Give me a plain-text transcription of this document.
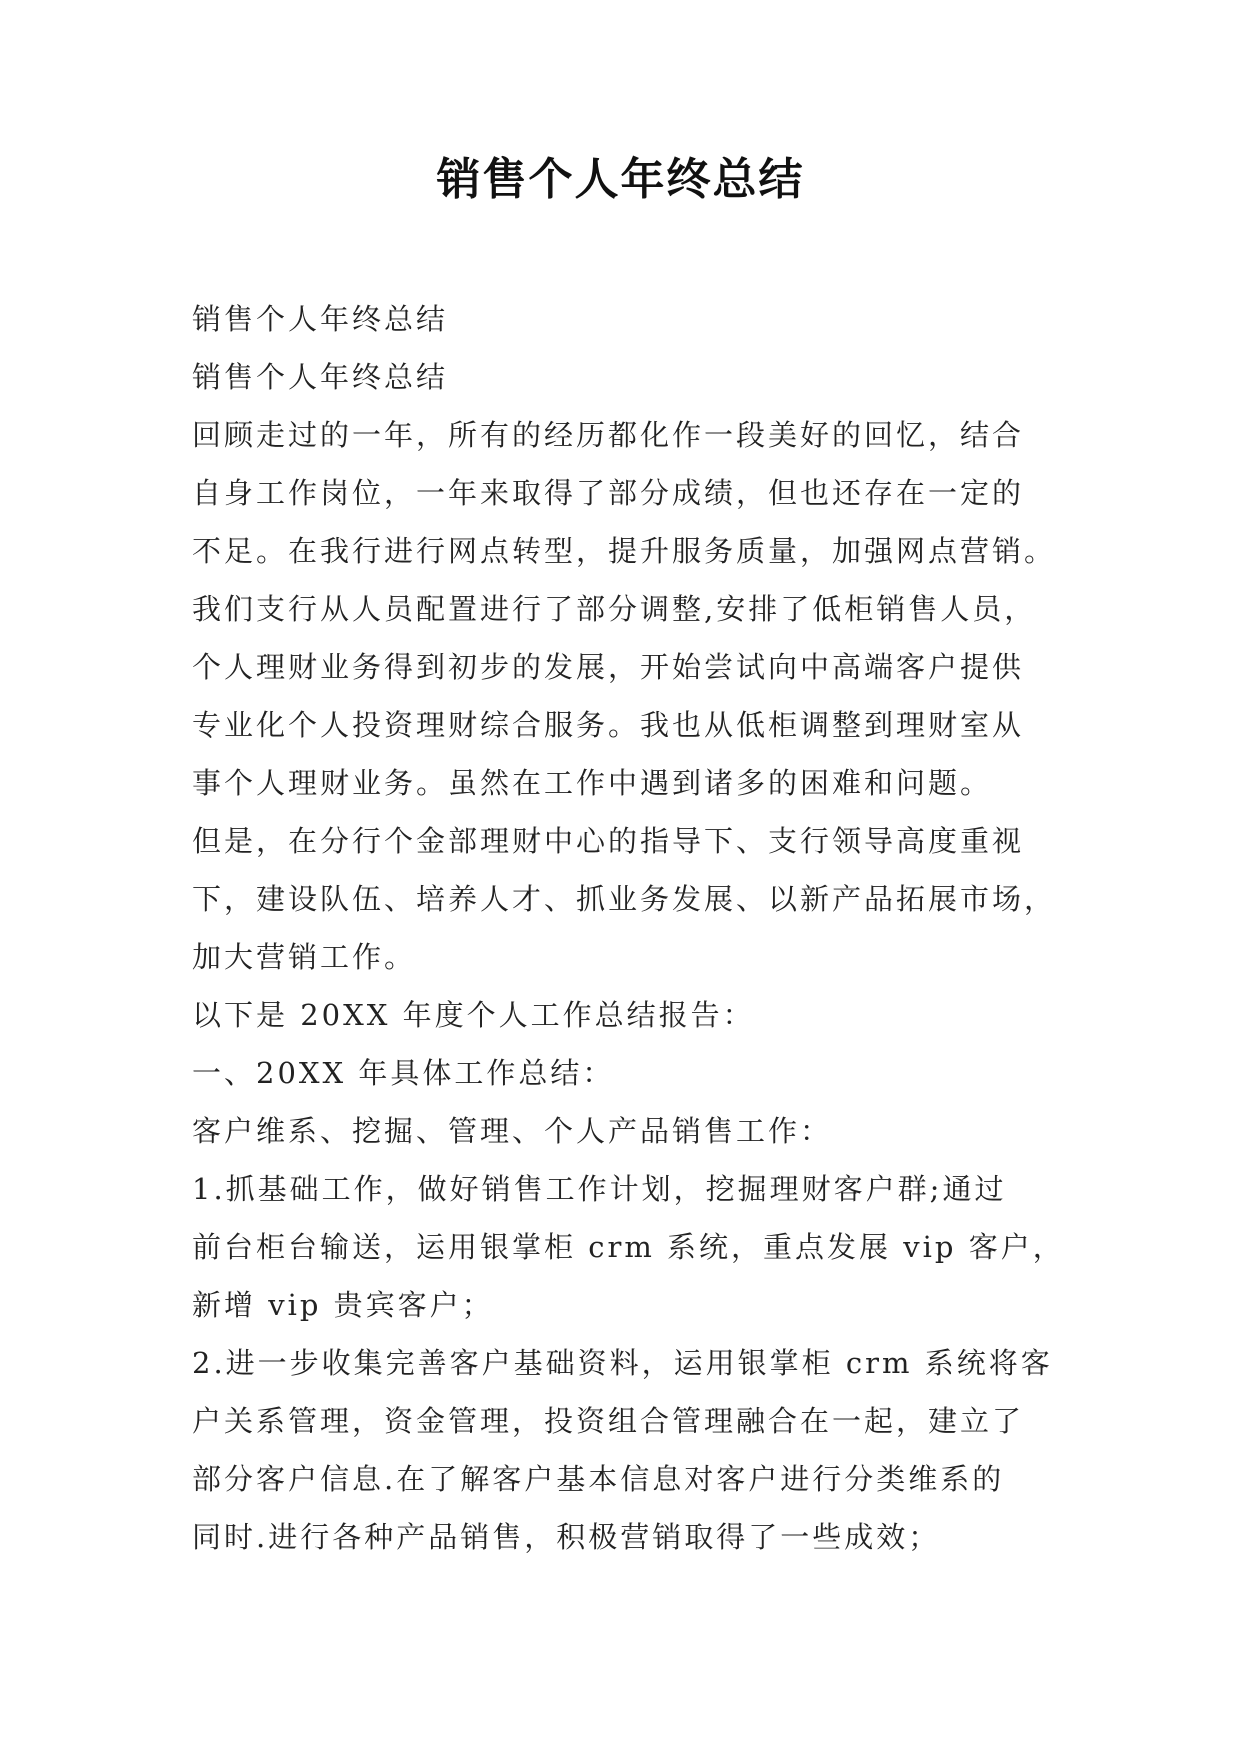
销售个人年终总结

销售个人年终总结

销售个人年终总结

回顾走过的一年，所有的经历都化作一段美好的回忆，结合

自身工作岗位，一年来取得了部分成绩，但也还存在一定的

不足。在我行进行网点转型，提升服务质量，加强网点营销。

我们支行从人员配置进行了部分调整,安排了低柜销售人员，

个人理财业务得到初步的发展，开始尝试向中高端客户提供

专业化个人投资理财综合服务。我也从低柜调整到理财室从

事个人理财业务。虽然在工作中遇到诸多的困难和问题。

但是，在分行个金部理财中心的指导下、支行领导高度重视

下，建设队伍、培养人才、抓业务发展、以新产品拓展市场，

加大营销工作。

以下是 20XX 年度个人工作总结报告：

一、20XX 年具体工作总结：

客户维系、挖掘、管理、个人产品销售工作：

1.抓基础工作，做好销售工作计划，挖掘理财客户群;通过

前台柜台输送，运用银掌柜 crm 系统，重点发展 vip 客户，

新增 vip 贵宾客户；

2.进一步收集完善客户基础资料，运用银掌柜 crm 系统将客

户关系管理，资金管理，投资组合管理融合在一起，建立了

部分客户信息.在了解客户基本信息对客户进行分类维系的

同时.进行各种产品销售，积极营销取得了一些成效；
